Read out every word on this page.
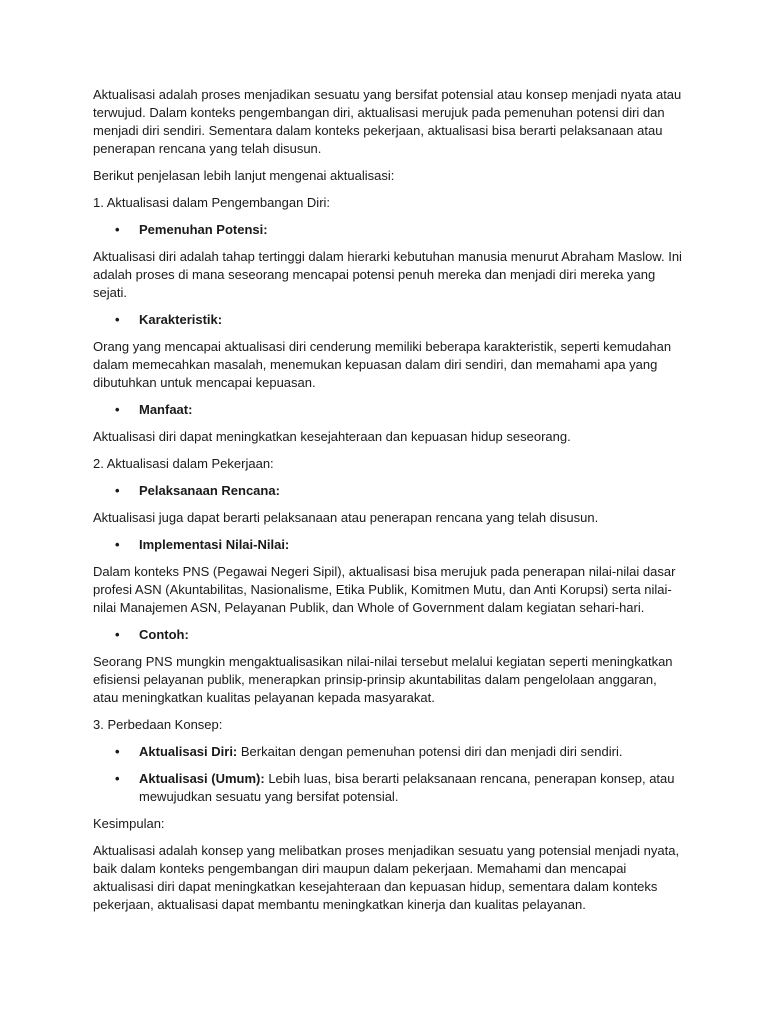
Aktualisasi adalah proses menjadikan sesuatu yang bersifat potensial atau konsep menjadi nyata atau terwujud. Dalam konteks pengembangan diri, aktualisasi merujuk pada pemenuhan potensi diri dan menjadi diri sendiri. Sementara dalam konteks pekerjaan, aktualisasi bisa berarti pelaksanaan atau penerapan rencana yang telah disusun.

Berikut penjelasan lebih lanjut mengenai aktualisasi:

1. Aktualisasi dalam Pengembangan Diri:

• Pemenuhan Potensi:

Aktualisasi diri adalah tahap tertinggi dalam hierarki kebutuhan manusia menurut Abraham Maslow. Ini adalah proses di mana seseorang mencapai potensi penuh mereka dan menjadi diri mereka yang sejati.

• Karakteristik:

Orang yang mencapai aktualisasi diri cenderung memiliki beberapa karakteristik, seperti kemudahan dalam memecahkan masalah, menemukan kepuasan dalam diri sendiri, dan memahami apa yang dibutuhkan untuk mencapai kepuasan.

• Manfaat:

Aktualisasi diri dapat meningkatkan kesejahteraan dan kepuasan hidup seseorang.

2. Aktualisasi dalam Pekerjaan:

• Pelaksanaan Rencana:

Aktualisasi juga dapat berarti pelaksanaan atau penerapan rencana yang telah disusun.

• Implementasi Nilai-Nilai:

Dalam konteks PNS (Pegawai Negeri Sipil), aktualisasi bisa merujuk pada penerapan nilai-nilai dasar profesi ASN (Akuntabilitas, Nasionalisme, Etika Publik, Komitmen Mutu, dan Anti Korupsi) serta nilai-nilai Manajemen ASN, Pelayanan Publik, dan Whole of Government dalam kegiatan sehari-hari.

• Contoh:

Seorang PNS mungkin mengaktualisasikan nilai-nilai tersebut melalui kegiatan seperti meningkatkan efisiensi pelayanan publik, menerapkan prinsip-prinsip akuntabilitas dalam pengelolaan anggaran, atau meningkatkan kualitas pelayanan kepada masyarakat.

3. Perbedaan Konsep:

• Aktualisasi Diri: Berkaitan dengan pemenuhan potensi diri dan menjadi diri sendiri.
• Aktualisasi (Umum): Lebih luas, bisa berarti pelaksanaan rencana, penerapan konsep, atau mewujudkan sesuatu yang bersifat potensial.

Kesimpulan:

Aktualisasi adalah konsep yang melibatkan proses menjadikan sesuatu yang potensial menjadi nyata, baik dalam konteks pengembangan diri maupun dalam pekerjaan. Memahami dan mencapai aktualisasi diri dapat meningkatkan kesejahteraan dan kepuasan hidup, sementara dalam konteks pekerjaan, aktualisasi dapat membantu meningkatkan kinerja dan kualitas pelayanan.
